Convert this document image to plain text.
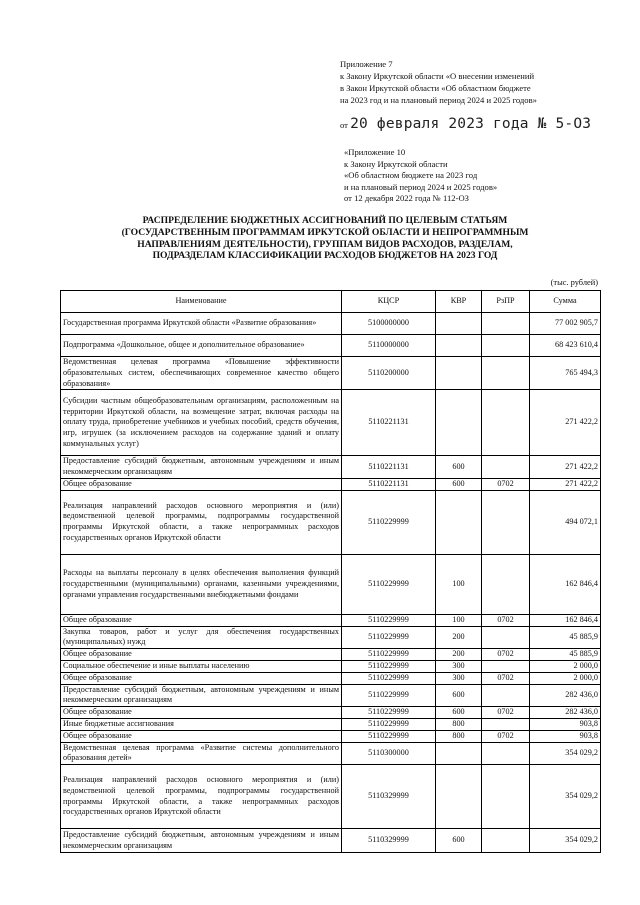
Приложение 7
к Закону Иркутской области «О внесении изменений
в Закон Иркутской области «Об областном бюджете
на 2023 год и на плановый период 2024 и 2025 годов»
от 20 февраля 2023 года № 5-ОЗ
«Приложение 10
к Закону Иркутской области
«Об областном бюджете на 2023 год
и на плановый период 2024 и 2025 годов»
от 12 декабря 2022 года № 112-ОЗ
РАСПРЕДЕЛЕНИЕ БЮДЖЕТНЫХ АССИГНОВАНИЙ ПО ЦЕЛЕВЫМ СТАТЬЯМ
(ГОСУДАРСТВЕННЫМ ПРОГРАММАМ ИРКУТСКОЙ ОБЛАСТИ И НЕПРОГРАММНЫМ
НАПРАВЛЕНИЯМ ДЕЯТЕЛЬНОСТИ), ГРУППАМ ВИДОВ РАСХОДОВ, РАЗДЕЛАМ,
ПОДРАЗДЕЛАМ КЛАССИФИКАЦИИ РАСХОДОВ БЮДЖЕТОВ НА 2023 ГОД
(тыс. рублей)
Наименование	КЦСР	КВР	РзПР	Сумма
Государственная программа Иркутской области «Развитие образования»	5100000000			77 002 905,7
Подпрограмма «Дошкольное, общее и дополнительное образование»	5110000000			68 423 610,4
Ведомственная целевая программа «Повышение эффективности образовательных систем, обеспечивающих современное качество общего образования»	5110200000			765 494,3
Субсидии частным общеобразовательным организациям, расположенным на территории Иркутской области, на возмещение затрат, включая расходы на оплату труда, приобретение учебников и учебных пособий, средств обучения, игр, игрушек (за исключением расходов на содержание зданий и оплату коммунальных услуг)	5110221131			271 422,2
Предоставление субсидий бюджетным, автономным учреждениям и иным некоммерческим организациям	5110221131	600		271 422,2
Общее образование	5110221131	600	0702	271 422,2
Реализация направлений расходов основного мероприятия и (или) ведомственной целевой программы, подпрограммы государственной программы Иркутской области, а также непрограммных расходов государственных органов Иркутской области	5110229999			494 072,1
Расходы на выплаты персоналу в целях обеспечения выполнения функций государственными (муниципальными) органами, казенными учреждениями, органами управления государственными внебюджетными фондами	5110229999	100		162 846,4
Общее образование	5110229999	100	0702	162 846,4
Закупка товаров, работ и услуг для обеспечения государственных (муниципальных) нужд	5110229999	200		45 885,9
Общее образование	5110229999	200	0702	45 885,9
Социальное обеспечение и иные выплаты населению	5110229999	300		2 000,0
Общее образование	5110229999	300	0702	2 000,0
Предоставление субсидий бюджетным, автономным учреждениям и иным некоммерческим организациям	5110229999	600		282 436,0
Общее образование	5110229999	600	0702	282 436,0
Иные бюджетные ассигнования	5110229999	800		903,8
Общее образование	5110229999	800	0702	903,8
Ведомственная целевая программа «Развитие системы дополнительного образования детей»	5110300000			354 029,2
Реализация направлений расходов основного мероприятия и (или) ведомственной целевой программы, подпрограммы государственной программы Иркутской области, а также непрограммных расходов государственных органов Иркутской области	5110329999			354 029,2
Предоставление субсидий бюджетным, автономным учреждениям и иным некоммерческим организациям	5110329999	600		354 029,2
